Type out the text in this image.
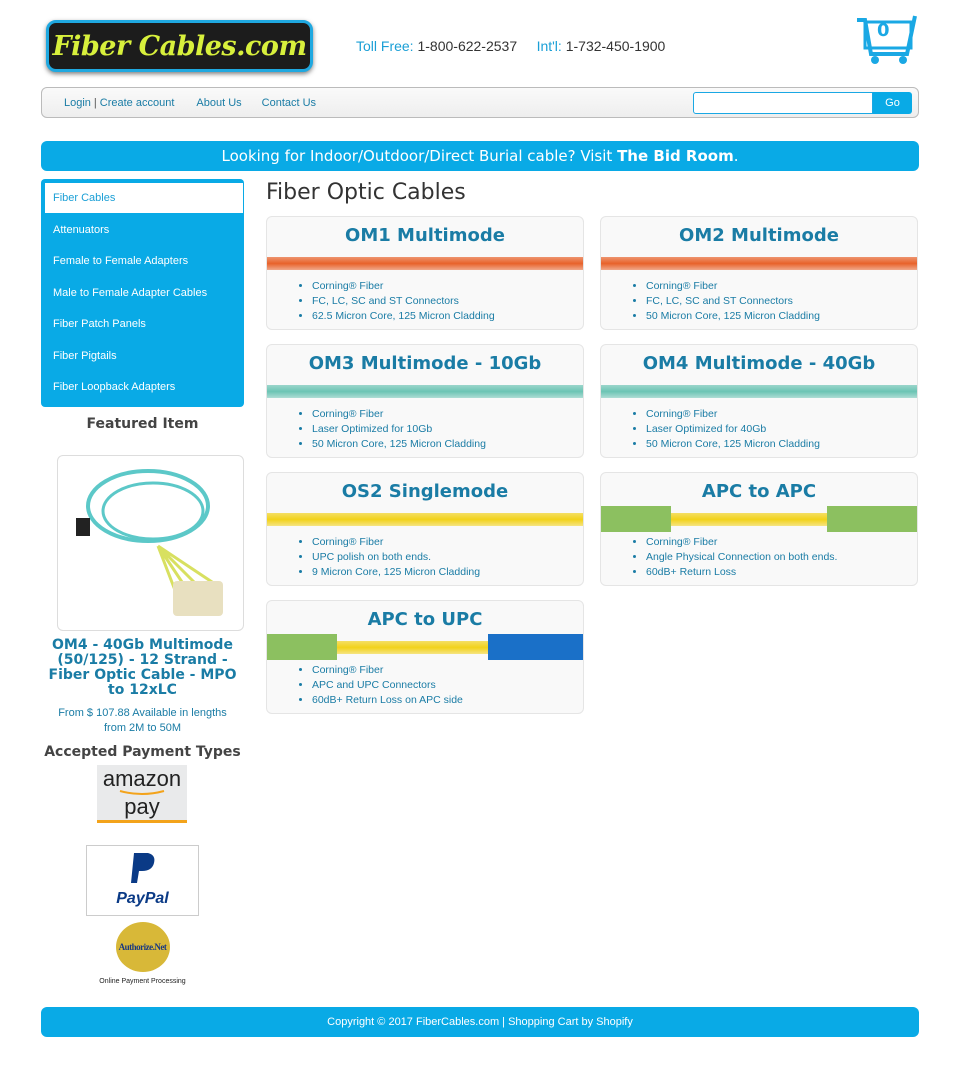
Fiber Cables.com	Toll Free: 1-800-622-2537 Int'l: 1-732-450-1900
0
Login | Create account About Us Contact Us	Go
Looking for Indoor/Outdoor/Direct Burial cable? Visit The Bid Room.
Fiber Cables
Attenuators
Female to Female Adapters
Male to Female Adapter Cables
Fiber Patch Panels
Fiber Pigtails
Fiber Loopback Adapters
Featured Item
OM4 - 40Gb Multimode (50/125) - 12 Strand - Fiber Optic Cable - MPO to 12xLC
From $ 107.88 Available in lengths from 2M to 50M
Accepted Payment Types
amazon
pay
PayPal
Authorize.Net
Online Payment Processing
Fiber Optic Cables
OM1 Multimode
• Corning® Fiber
• FC, LC, SC and ST Connectors
• 62.5 Micron Core, 125 Micron Cladding
OM2 Multimode
• Corning® Fiber
• FC, LC, SC and ST Connectors
• 50 Micron Core, 125 Micron Cladding
OM3 Multimode - 10Gb
• Corning® Fiber
• Laser Optimized for 10Gb
• 50 Micron Core, 125 Micron Cladding
OM4 Multimode - 40Gb
• Corning® Fiber
• Laser Optimized for 40Gb
• 50 Micron Core, 125 Micron Cladding
OS2 Singlemode
• Corning® Fiber
• UPC polish on both ends.
• 9 Micron Core, 125 Micron Cladding
APC to APC
• Corning® Fiber
• Angle Physical Connection on both ends.
• 60dB+ Return Loss
APC to UPC
• Corning® Fiber
• APC and UPC Connectors
• 60dB+ Return Loss on APC side
Copyright © 2017 FiberCables.com | Shopping Cart by Shopify
